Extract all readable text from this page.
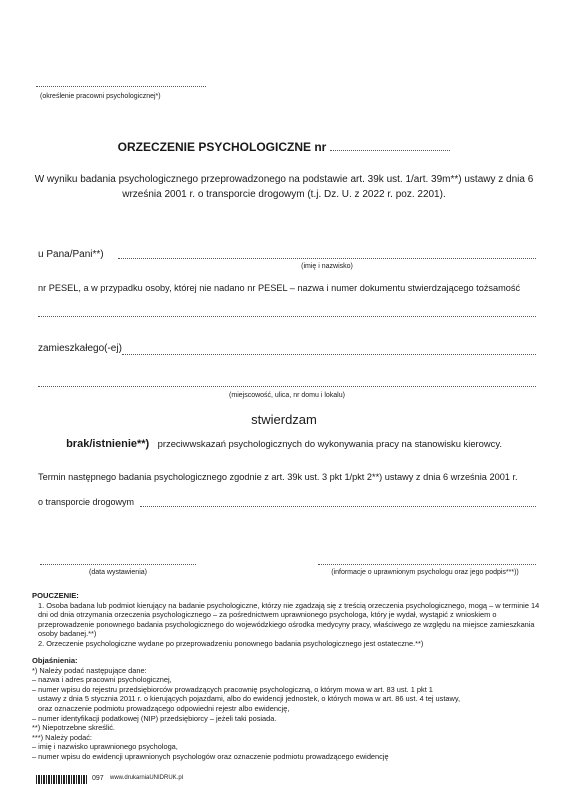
(określenie pracowni psychologicznej*)
ORZECZENIE PSYCHOLOGICZNE nr
W wyniku badania psychologicznego przeprowadzonego na podstawie art. 39k ust. 1/art. 39m**) ustawy z dnia 6 września 2001 r. o transporcie drogowym (t.j. Dz. U. z 2022 r. poz. 2201).
u Pana/Pani**)
(imię i nazwisko)
nr PESEL, a w przypadku osoby, której nie nadano nr PESEL – nazwa i numer dokumentu stwierdzającego tożsamość
zamieszkałego(-ej)
(miejscowość, ulica, nr domu i lokalu)
stwierdzam
brak/istnienie**) przeciwwskazań psychologicznych do wykonywania pracy na stanowisku kierowcy.
Termin następnego badania psychologicznego zgodnie z art. 39k ust. 3 pkt 1/pkt 2**) ustawy z dnia 6 września 2001 r.
o transporcie drogowym
(data wystawienia)	(informacje o uprawnionym psychologu oraz jego podpis***))
POUCZENIE:
1. Osoba badana lub podmiot kierujący na badanie psychologiczne, którzy nie zgadzają się z treścią orzeczenia psychologicznego, mogą – w terminie 14 dni od dnia otrzymania orzeczenia psychologicznego – za pośrednictwem uprawnionego psychologa, który je wydał, wystąpić z wnioskiem o przeprowadzenie ponownego badania psychologicznego do wojewódzkiego ośrodka medycyny pracy, właściwego ze względu na miejsce zamieszkania osoby badanej.**)
2. Orzeczenie psychologiczne wydane po przeprowadzeniu ponownego badania psychologicznego jest ostateczne.**)
Objaśnienia:
*) Należy podać następujące dane:
– nazwa i adres pracowni psychologicznej,
– numer wpisu do rejestru przedsiębiorców prowadzących pracownię psychologiczną, o którym mowa w art. 83 ust. 1 pkt 1
ustawy z dnia 5 stycznia 2011 r. o kierujących pojazdami, albo do ewidencji jednostek, o których mowa w art. 86 ust. 4 tej ustawy,
oraz oznaczenie podmiotu prowadzącego odpowiedni rejestr albo ewidencję,
– numer identyfikacji podatkowej (NIP) przedsiębiorcy – jeżeli taki posiada.
**) Niepotrzebne skreślić.
***) Należy podać:
– imię i nazwisko uprawnionego psychologa,
– numer wpisu do ewidencji uprawnionych psychologów oraz oznaczenie podmiotu prowadzącego ewidencję
097 www.drukarniaUNIDRUK.pl
